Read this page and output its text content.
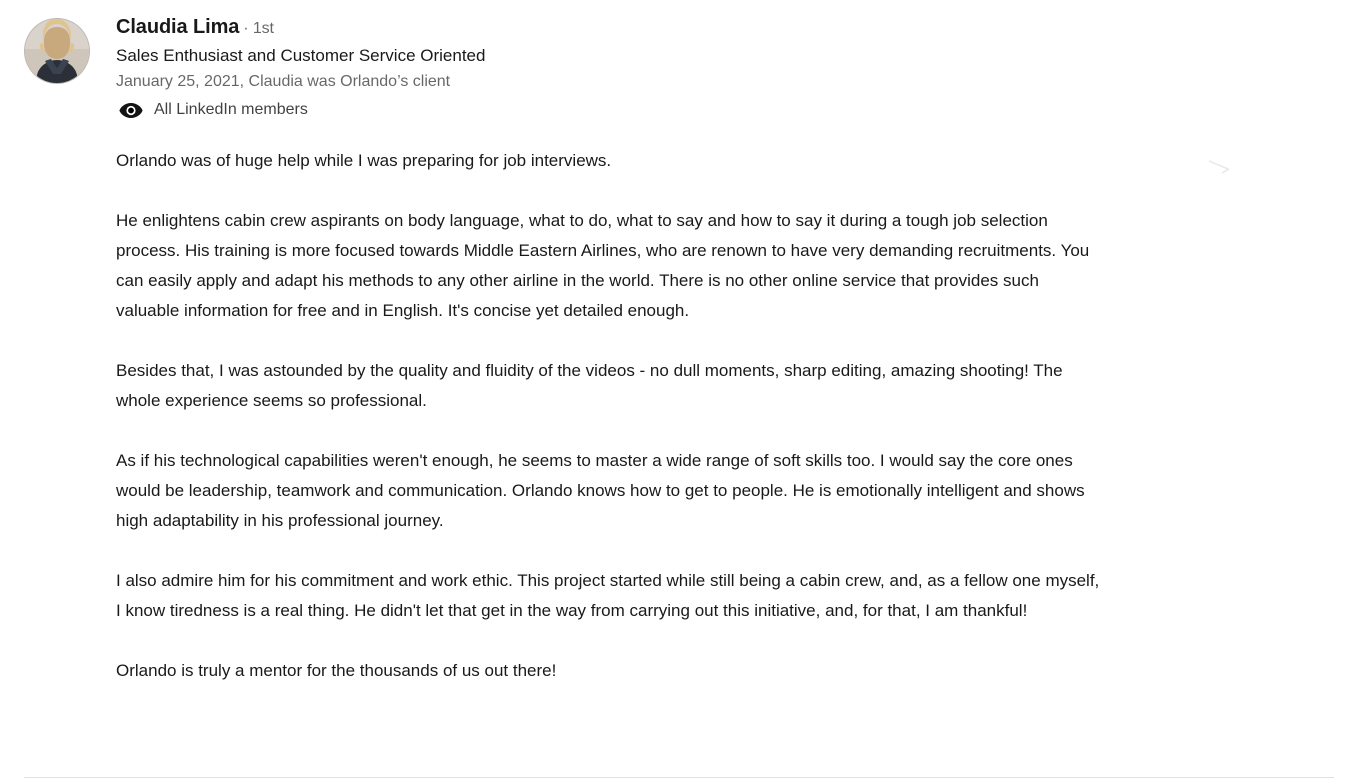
Claudia Lima · 1st
Sales Enthusiast and Customer Service Oriented
January 25, 2021, Claudia was Orlando’s client
All LinkedIn members

Orlando was of huge help while I was preparing for job interviews.

He enlightens cabin crew aspirants on body language, what to do, what to say and how to say it during a tough job selection process. His training is more focused towards Middle Eastern Airlines, who are renown to have very demanding recruitments. You can easily apply and adapt his methods to any other airline in the world. There is no other online service that provides such valuable information for free and in English. It's concise yet detailed enough.

Besides that, I was astounded by the quality and fluidity of the videos - no dull moments, sharp editing, amazing shooting! The whole experience seems so professional.

As if his technological capabilities weren't enough, he seems to master a wide range of soft skills too. I would say the core ones would be leadership, teamwork and communication. Orlando knows how to get to people. He is emotionally intelligent and shows high adaptability in his professional journey.

I also admire him for his commitment and work ethic. This project started while still being a cabin crew, and, as a fellow one myself, I know tiredness is a real thing. He didn't let that get in the way from carrying out this initiative, and, for that, I am thankful!

Orlando is truly a mentor for the thousands of us out there!
